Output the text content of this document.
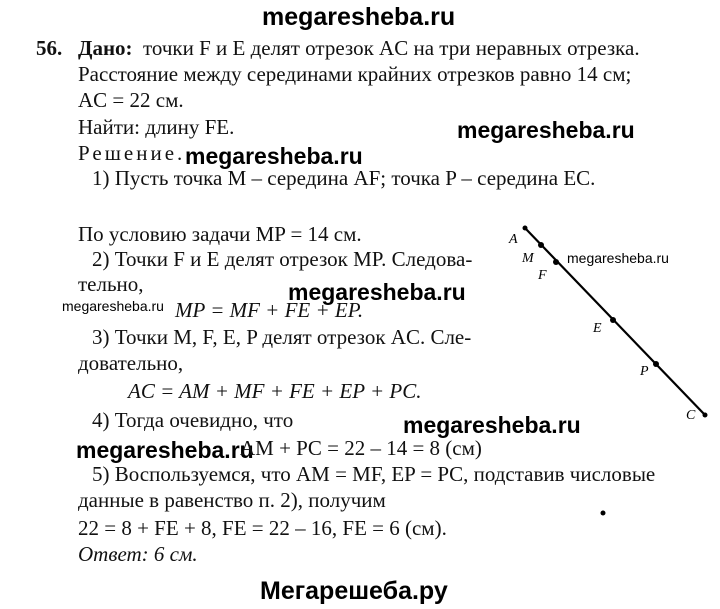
megaresheba.ru
megaresheba.ru
megaresheba.ru
megaresheba.ru
megaresheba.ru
megaresheba.ru
megaresheba.ru
megaresheba.ru
Мегарешеба.ру
56. Дано: точки F и E делят отрезок AC на три неравных отрезка.
Расстояние между серединами крайних отрезков равно 14 см;
AC = 22 см.
Найти: длину FE.
Решение.
1) Пусть точка M – середина AF; точка P – середина EC.
По условию задачи MP = 14 см.
2) Точки F и E делят отрезок MP. Следова-
тельно,
MP = MF + FE + EP.
3) Точки M, F, E, P делят отрезок AC. Сле-
довательно,
AC = AM + MF + FE + EP + PC.
4) Тогда очевидно, что
AM + PC = 22 – 14 = 8 (см)
5) Воспользуемся, что AM = MF, EP = PC, подставив числовые
данные в равенство п. 2), получим
22 = 8 + FE + 8, FE = 22 – 16, FE = 6 (см).
Ответ: 6 см.
A
M
F
E
P
C
